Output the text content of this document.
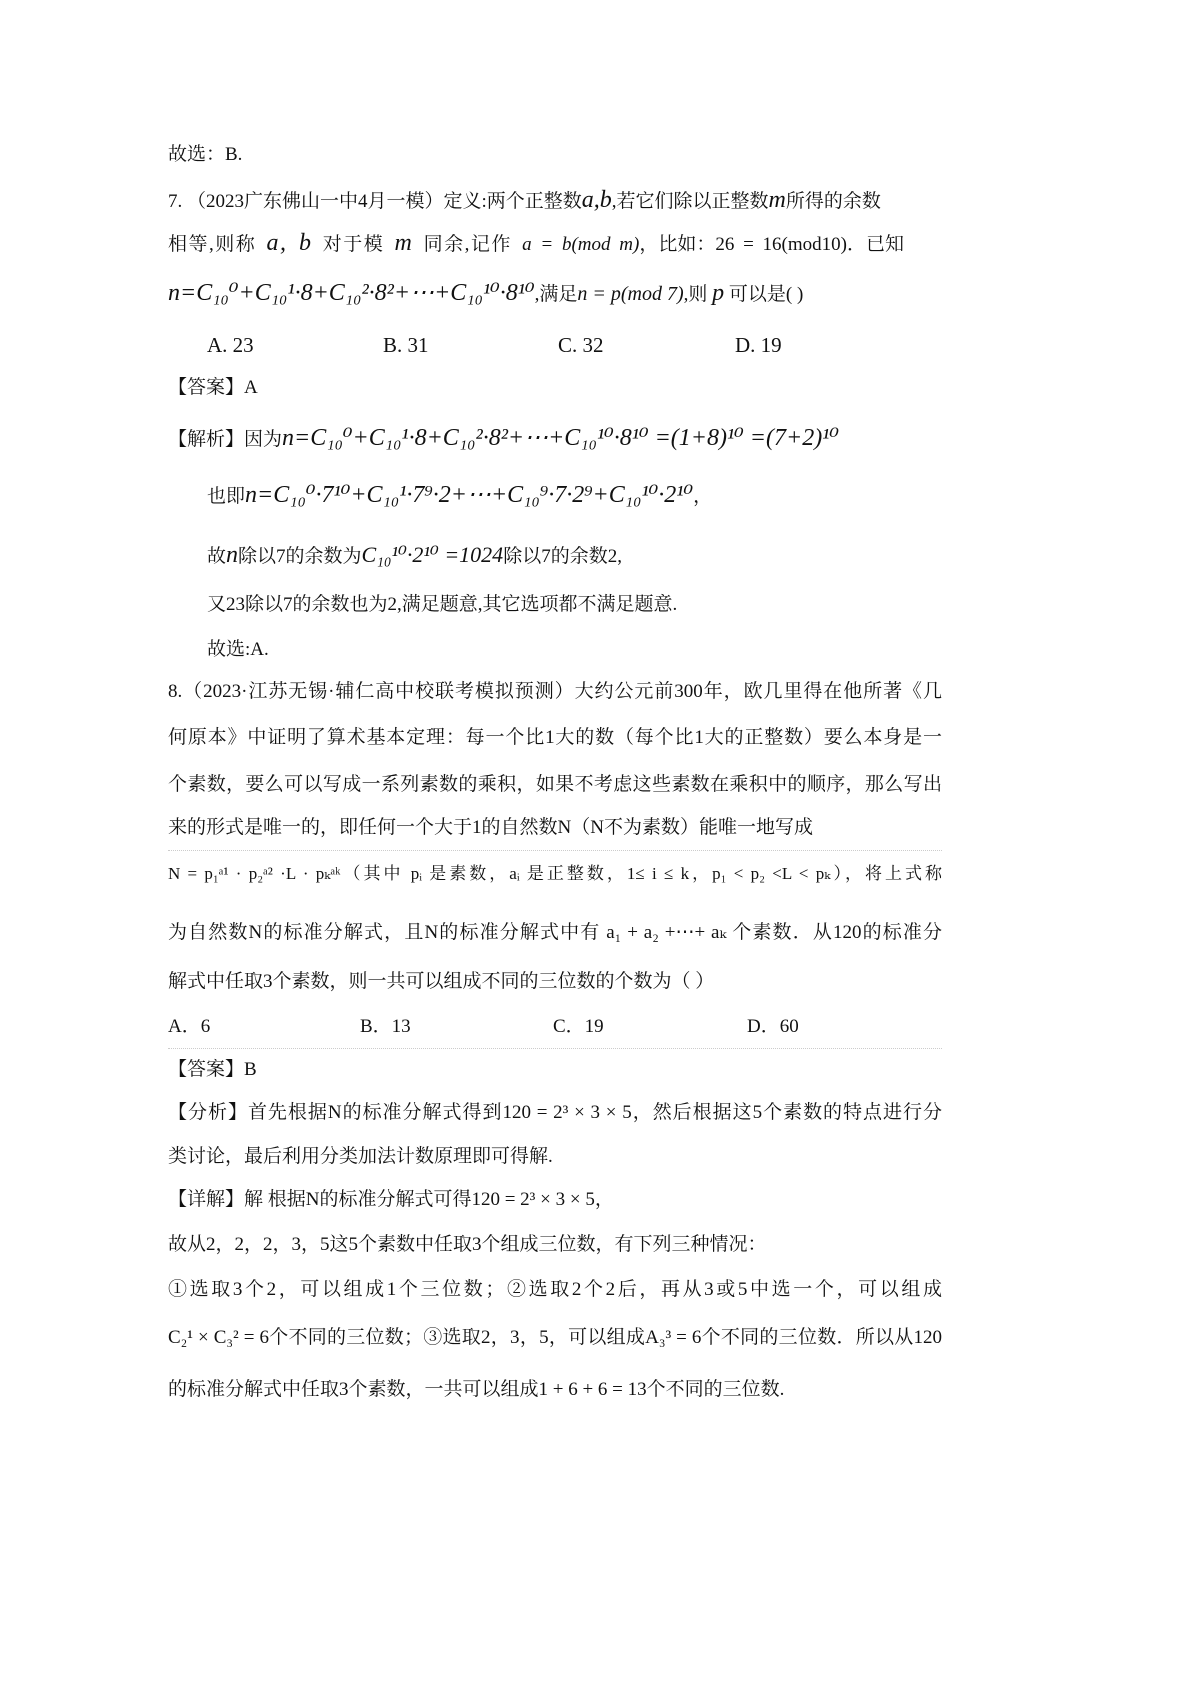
故选：B.
7. （2023广东佛山一中4月一模）定义:两个正整数a,b,若它们除以正整数m所得的余数
相等,则称 a, b 对于模 m 同余,记作 a = b(mod m)，比如：26 = 16(mod10)．已知
n=C₁₀⁰+C₁₀¹·8+C₁₀²·8²+⋯+C₁₀¹⁰·8¹⁰,满足n = p(mod 7),则 p 可以是( )
A. 23	B. 31	C. 32	D. 19
【答案】A
【解析】因为n=C₁₀⁰+C₁₀¹·8+C₁₀²·8²+⋯+C₁₀¹⁰·8¹⁰ =(1+8)¹⁰ =(7+2)¹⁰
也即n=C₁₀⁰·7¹⁰+C₁₀¹·7⁹·2+⋯+C₁₀⁹·7·2⁹+C₁₀¹⁰·2¹⁰，
故n除以7的余数为C₁₀¹⁰·2¹⁰ =1024除以7的余数2,
又23除以7的余数也为2,满足题意,其它选项都不满足题意.
故选:A.
8.（2023·江苏无锡·辅仁高中校联考模拟预测）大约公元前300年，欧几里得在他所著《几
何原本》中证明了算术基本定理：每一个比1大的数（每个比1大的正整数）要么本身是一
个素数，要么可以写成一系列素数的乘积，如果不考虑这些素数在乘积中的顺序，那么写出
来的形式是唯一的，即任何一个大于1的自然数N（N不为素数）能唯一地写成
N = p₁ᵃ¹ · p₂ᵃ² ·L · pₖᵃᵏ（其中 pᵢ 是素数，aᵢ 是正整数，1≤ i ≤ k，p₁ < p₂ <L < pₖ），将上式称
为自然数N的标准分解式，且N的标准分解式中有 a₁ + a₂ +⋯+ aₖ 个素数．从120的标准分
解式中任取3个素数，则一共可以组成不同的三位数的个数为（ ）
A．6	B．13	C．19	D．60
【答案】B
【分析】首先根据N的标准分解式得到120 = 2³ × 3 × 5，然后根据这5个素数的特点进行分
类讨论，最后利用分类加法计数原理即可得解.
【详解】解 根据N的标准分解式可得120 = 2³ × 3 × 5，
故从2，2，2，3，5这5个素数中任取3个组成三位数，有下列三种情况：
①选取3个2，可以组成1个三位数；②选取2个2后，再从3或5中选一个，可以组成
C₂¹ × C₃² = 6个不同的三位数；③选取2，3，5，可以组成A₃³ = 6个不同的三位数．所以从120
的标准分解式中任取3个素数，一共可以组成1 + 6 + 6 = 13个不同的三位数.
